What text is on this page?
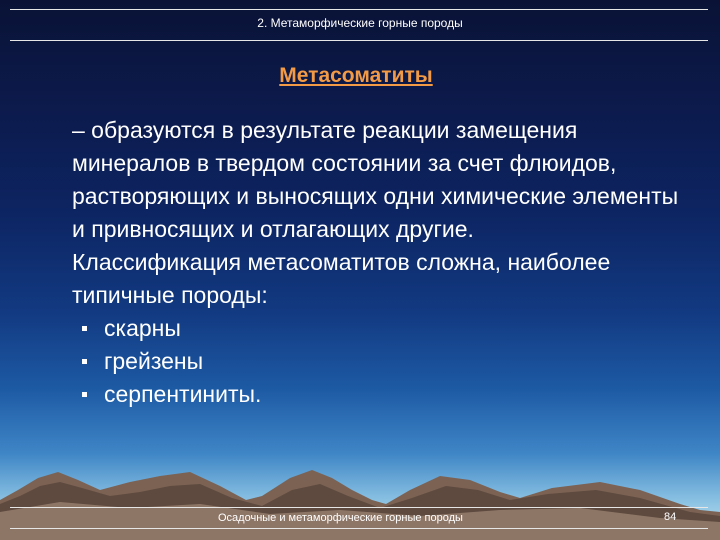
2. Метаморфические горные породы
Метасоматиты

– образуются в результате реакции замещения минералов в твердом состоянии за счет флюидов, растворяющих и выносящих одни химические элементы и привносящих и отлагающих другие.

Классификация метасоматитов сложна, наиболее типичные породы:

скарны
грейзены
серпентиниты.
Осадочные и метаморфические горные породы	84
